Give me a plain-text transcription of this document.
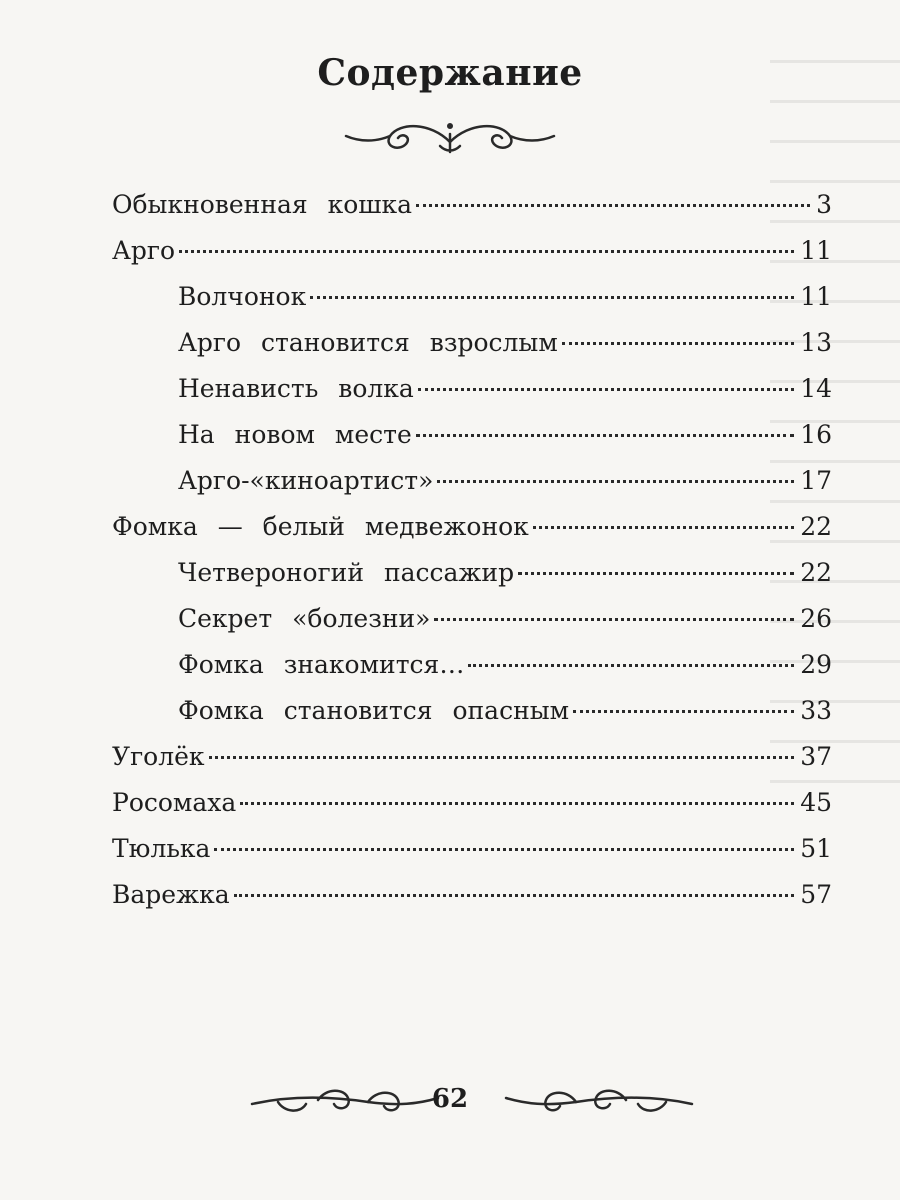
Содержание
Обыкновенная кошка	3
Арго	11
Волчонок	11
Арго становится взрослым	13
Ненависть волка	14
На новом месте	16
Арго-«киноартист»	17
Фомка — белый медвежонок	22
Четвероногий пассажир	22
Секрет «болезни»	26
Фомка знакомится…	29
Фомка становится опасным	33
Уголёк	37
Росомаха	45
Тюлька	51
Варежка	57
62
